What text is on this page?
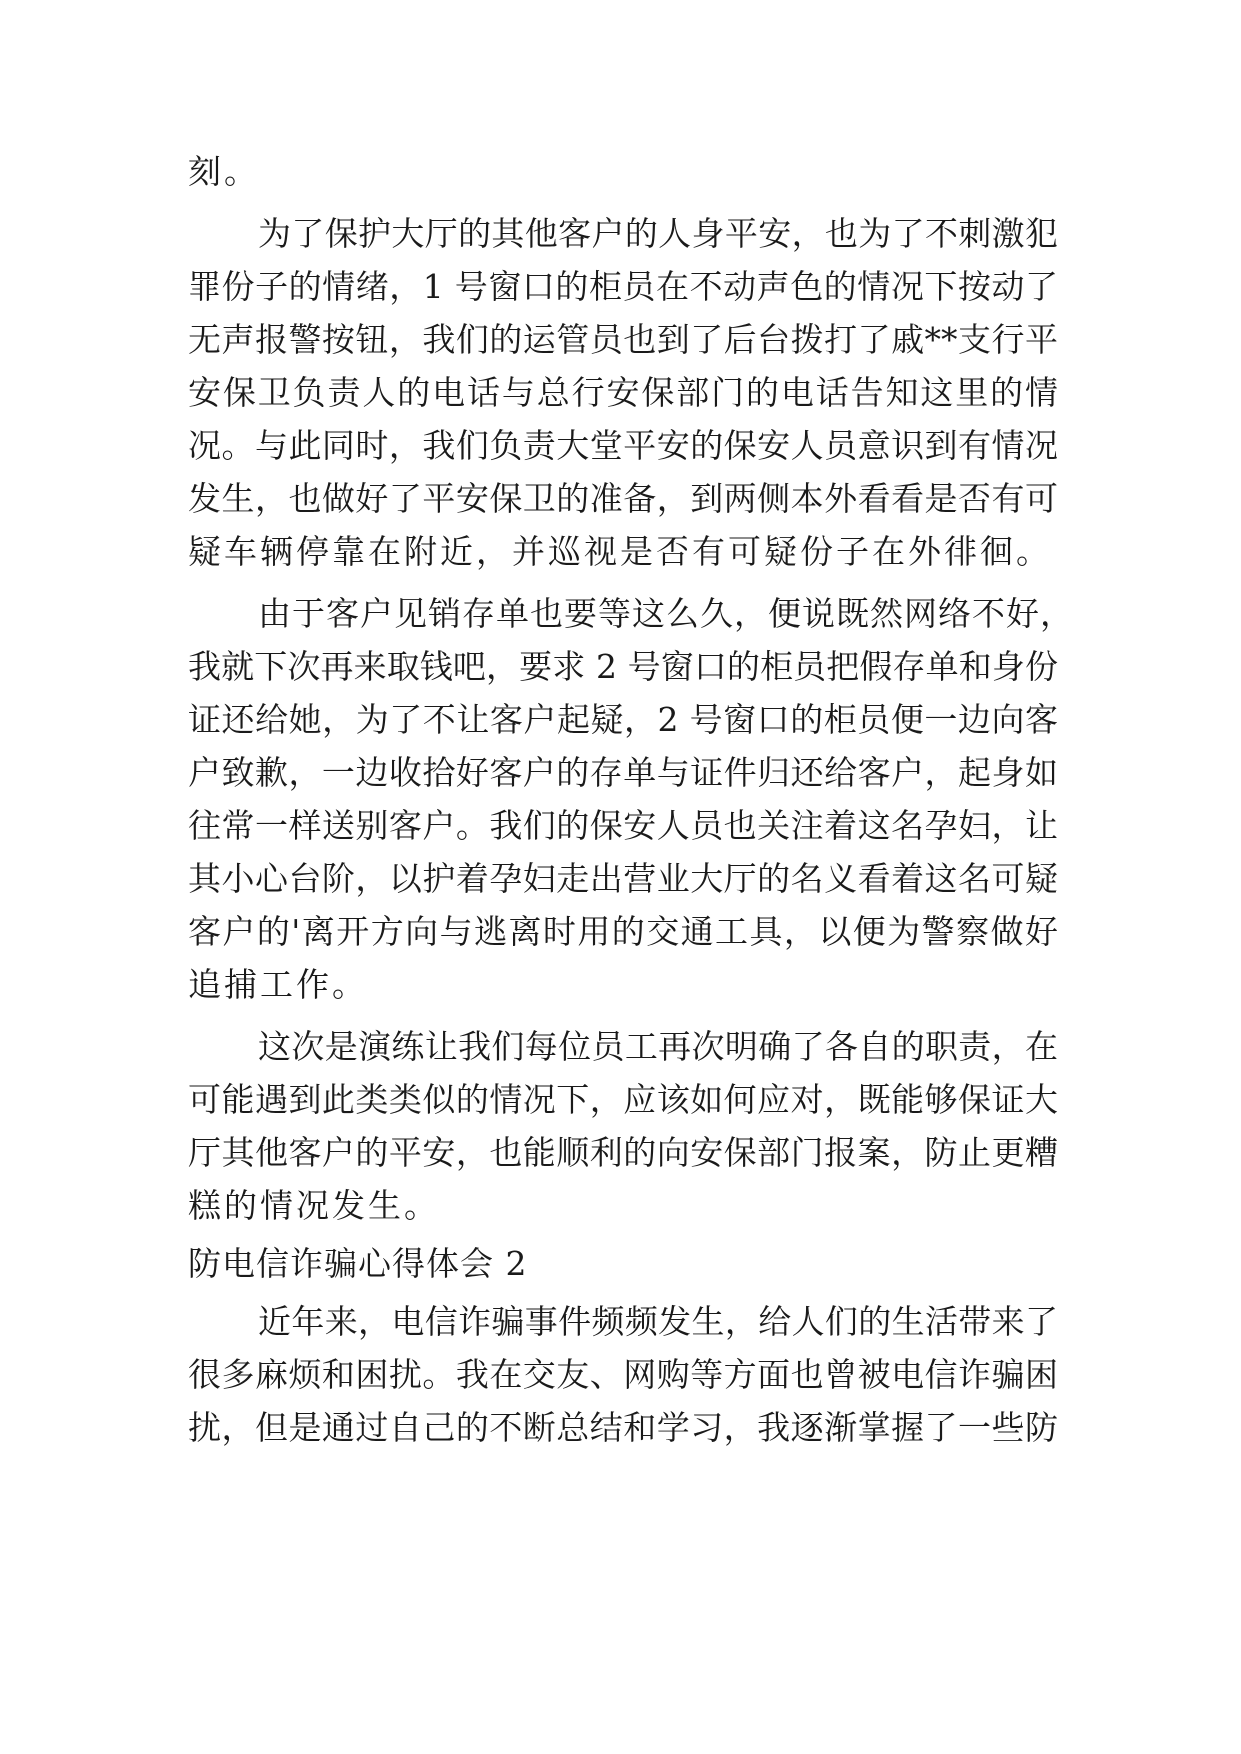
刻。
为了保护大厅的其他客户的人身平安，也为了不刺激犯
罪份子的情绪，1 号窗口的柜员在不动声色的情况下按动了
无声报警按钮，我们的运管员也到了后台拨打了戚**支行平
安保卫负责人的电话与总行安保部门的电话告知这里的情
况。与此同时，我们负责大堂平安的保安人员意识到有情况
发生，也做好了平安保卫的准备，到两侧本外看看是否有可
疑车辆停靠在附近，并巡视是否有可疑份子在外徘徊。
由于客户见销存单也要等这么久，便说既然网络不好，
我就下次再来取钱吧，要求 2 号窗口的柜员把假存单和身份
证还给她，为了不让客户起疑，2 号窗口的柜员便一边向客
户致歉，一边收拾好客户的存单与证件归还给客户，起身如
往常一样送别客户。我们的保安人员也关注着这名孕妇，让
其小心台阶，以护着孕妇走出营业大厅的名义看着这名可疑
客户的'离开方向与逃离时用的交通工具，以便为警察做好
追捕工作。
这次是演练让我们每位员工再次明确了各自的职责，在
可能遇到此类类似的情况下，应该如何应对，既能够保证大
厅其他客户的平安，也能顺利的向安保部门报案，防止更糟
糕的情况发生。
防电信诈骗心得体会 2
近年来，电信诈骗事件频频发生，给人们的生活带来了
很多麻烦和困扰。我在交友、网购等方面也曾被电信诈骗困
扰，但是通过自己的不断总结和学习，我逐渐掌握了一些防
